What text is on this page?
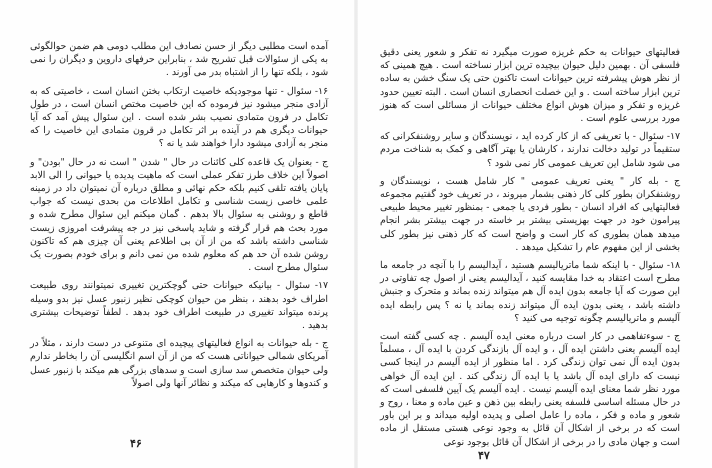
آمده است مطلبی دیگر از حسن نصادف این مطلب دومی هم ضمن حوالگوئی به یکی از سئوالات قبل تشریح شد ، بنابراین حرفهای داروین و دیگران را نمی شود ، بلکه تنها را از اشتباه بدر می آورند .

۱۶- سئوال - تنها موجودیکه خاصیت ارتکاب بختن انسان است ، خاصیتی که به آزادی منجر میشود نیز فرموده که این خاصیت مختص انسان است ، در طول تکامل در فرون متمادی نصیب بشر شده است . این سئوال پیش آمد که آیا حیوانات دیگری هم در آینده بر اثر تکامل در قرون متمادی این خاصیت را که منجر به آزادی میشود دارا خواهند شد یا نه ؟

ج - بعنوان یک قاعده کلی کائنات در حال " شدن " است نه در حال "بودن" و اصولاً این خلاف طرز تفکر عملی است که ماهیت پدیده یا حیوانی را الی الابد پایان یافته تلقی کنیم بلکه حکم نهائی و مطلق درباره آن نمیتوان داد در زمینه علمی خاصی زیست شناسی و تکامل اطلاعات من بحدی نیست که جواب قاطع و روشنی به سئوال بالا بدهم . گمان میکنم این سئوال مطرح شده و مورد بحث هم قرار گرفته و شاید پاسخی نیز در جه پیشرفت امروزی زیست شناسی داشته باشد که من از آن بی اطلاعم یعنی آن چیزی هم که تاکنون روشن شده آن حد هم که معلوم شده من نمی دانم و برای خودم بصورت یک سئوال مطرح است .

۱۷- سئوال - بیانیکه حیوانات حتی گوچکترین تغییری نمیتوانند روی طبیعت اطراف خود بدهند ، بنظر من حیوان کوچکی نظیر زنبور عسل نیز بدو وسیله پرنده میتواند تغییری در طبیعت اطراف خود بدهد . لطفاً توضیحات بیشتری بدهید .

ج - بله حیوانات به انواع فعالیتهای پیچیده ای متنوعی در دست دارند ، مثلاً در آمریکای شمالی حیواناتی هست که من از آن اسم انگلیسی آن را بخاطر ندارم ولی حیوان متخصص سد سازی است و سدهای بزرگی هم میکند با زنبور عسل و کندوها و کارهایی که میکند و نظائر آنها ولی اصولاً

۴۶

فعالیتهای حیوانات به حکم غریزه صورت میگیرد نه تفکر و شعور یعنی دقیق فلسفی آن . بهمین دلیل حیوان بیچیده ترین ابزار نساخته است . هیچ همینی که از نظر هوش پیشرفته ترین حیوانات است تاکنون حتی یک سنگ خشن به ساده ترین ابزار ساخته است . و این خصلت انحصاری انسان است . البته تعیین حدود غریزه و تفکر و میزان هوش انواع مختلف حیوانات از مسائلی است که هنوز مورد بررسی علوم است .

۱۷- سئوال - با تعریفی که از کار کرده اید ، نویسندگان و سایر روشنفکرانی که ستقیماً در تولید دخالت ندارند ، کارشان یا بهتر آگاهی و کمک به شناخت مردم می شود شامل این تعریف عمومی کار نمی شود ؟

ج - بله کار " یعنی تعریف عمومی " کار شامل هست ، نویسندگان و روشنفکران بطور کلی کار ذهنی بشمار میروند ، در تعریف خود گفتیم مجموعه فعالیتهایی که افراد انسان - بطور فردی یا جمعی - بمنظور تغییر محیط طبیعی پیرامون خود در جهت بهزیستی بیشتر بر خاسته در جهت بیشتر بشر انجام میدهد همان بطوری که کار است و واضح است که کار ذهنی نیز بطور کلی بخشی از این مفهوم عام را تشکیل میدهد .

۱۸- سئوال - با اینکه شما ماتریالیسم هستید ، آیدالیسم را با آنچه در جامعه ما مطرح است اعتقاد به خدا مقایسه کنید ، آیدالیسم یعنی از اصول چه تفاوتی در این صورت که آیا جامعه بدون ایده آل هم میتواند زنده بماند و متحرک و جنبش داشته باشد ، یعنی بدون ایده آل میتواند زنده بماند یا نه ؟ پس رابطه ایده آلیسم و ماتریالیسم چگونه توجیه می کنید ؟

ج - سوءتفاهمی در کار است درباره معنی ایده آلیسم . چه کسی گفته است ایده آلیسم یعنی داشتن ایده آل ، و ایده آل بازندگی کردن با ایده آل ، مسلماً بدون ایده آل نمی توان زندگی کرد . اما منظور از ایده آلیسم در اینجا کسی نیست که دارای ایده آل باشد یا با ایده آل زندگی کند . این ایده آل خواهی مورد نظر شما معنای ایده آلیسم نیست . ایده آلیسم یک آیین فلسفی است که در حال مسئله اساسی فلسفه یعنی رابطه بین ذهن و عین ماده و معنا ، روح و شعور و ماده و فکر ، ماده را عامل اصلی و پدیده اولیه میداند و بر این باور است که در برخی از اشکال آن قائل به وجود نوعی هستی مستقل از ماده است و جهان مادی را در برخی از اشکال آن قائل بوجود نوعی

۴۷
